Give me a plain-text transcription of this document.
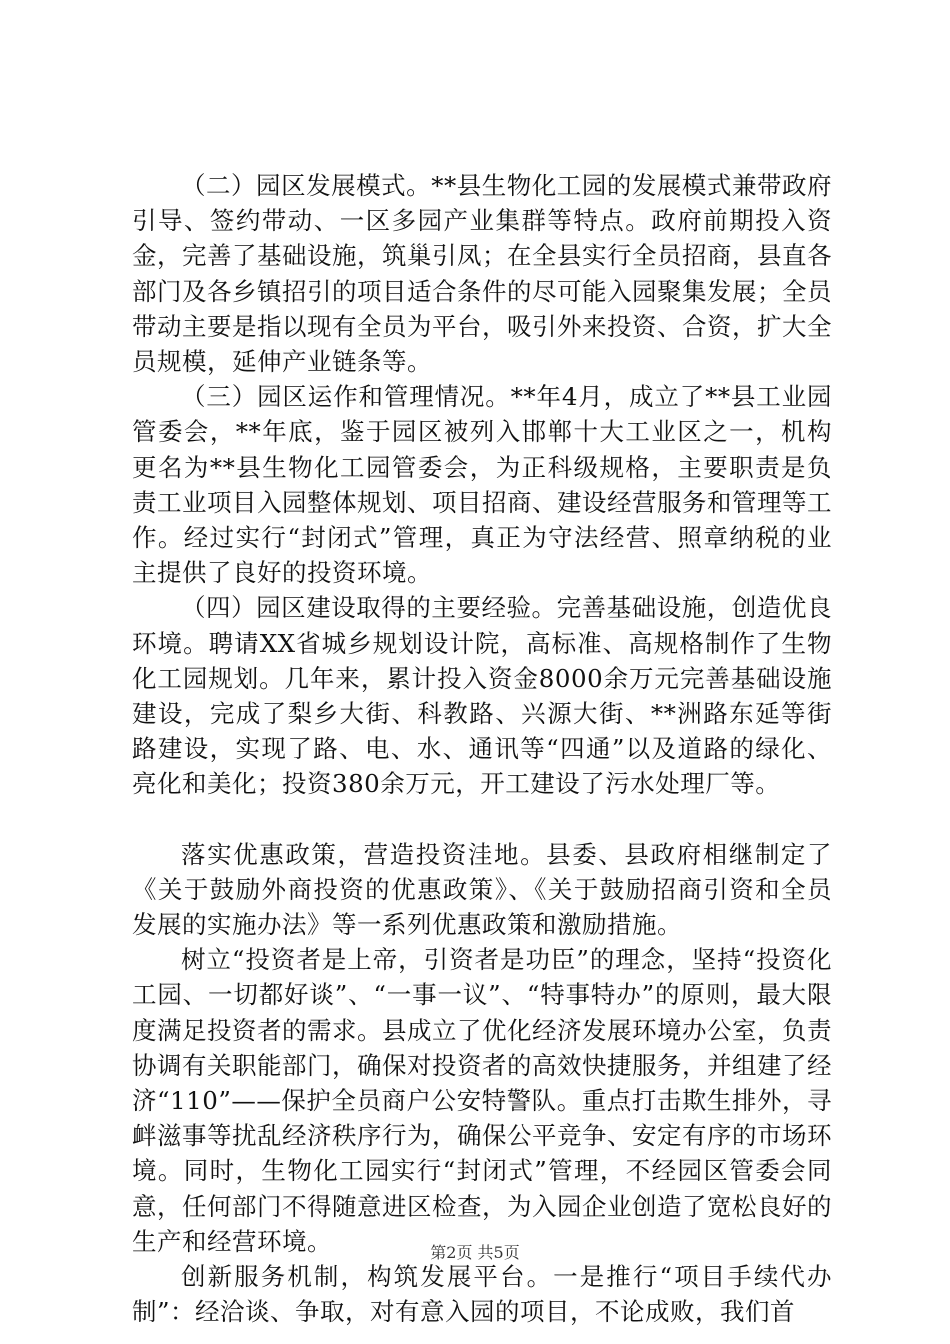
（二）园区发展模式。**县生物化工园的发展模式兼带政府引导、签约带动、一区多园产业集群等特点。政府前期投入资金，完善了基础设施，筑巢引凤；在全县实行全员招商，县直各部门及各乡镇招引的项目适合条件的尽可能入园聚集发展；全员带动主要是指以现有全员为平台，吸引外来投资、合资，扩大全员规模，延伸产业链条等。

（三）园区运作和管理情况。**年4月，成立了**县工业园管委会，**年底，鉴于园区被列入邯郸十大工业区之一，机构更名为**县生物化工园管委会，为正科级规格，主要职责是负责工业项目入园整体规划、项目招商、建设经营服务和管理等工作。经过实行“封闭式”管理，真正为守法经营、照章纳税的业主提供了良好的投资环境。

（四）园区建设取得的主要经验。完善基础设施，创造优良环境。聘请XX省城乡规划设计院，高标准、高规格制作了生物化工园规划。几年来，累计投入资金8000余万元完善基础设施建设，完成了梨乡大街、科教路、兴源大街、**洲路东延等街路建设，实现了路、电、水、通讯等“四通”以及道路的绿化、亮化和美化；投资380余万元，开工建设了污水处理厂等。

落实优惠政策，营造投资洼地。县委、县政府相继制定了《关于鼓励外商投资的优惠政策》、《关于鼓励招商引资和全员发展的实施办法》等一系列优惠政策和激励措施。

树立“投资者是上帝，引资者是功臣”的理念，坚持“投资化工园、一切都好谈”、“一事一议”、“特事特办”的原则，最大限度满足投资者的需求。县成立了优化经济发展环境办公室，负责协调有关职能部门，确保对投资者的高效快捷服务，并组建了经济“110”——保护全员商户公安特警队。重点打击欺生排外，寻衅滋事等扰乱经济秩序行为，确保公平竞争、安定有序的市场环境。同时，生物化工园实行“封闭式”管理，不经园区管委会同意，任何部门不得随意进区检查，为入园企业创造了宽松良好的生产和经营环境。

创新服务机制，构筑发展平台。一是推行“项目手续代办制”：经洽谈、争取，对有意入园的项目，不论成败，我们首

第2页 共5页
